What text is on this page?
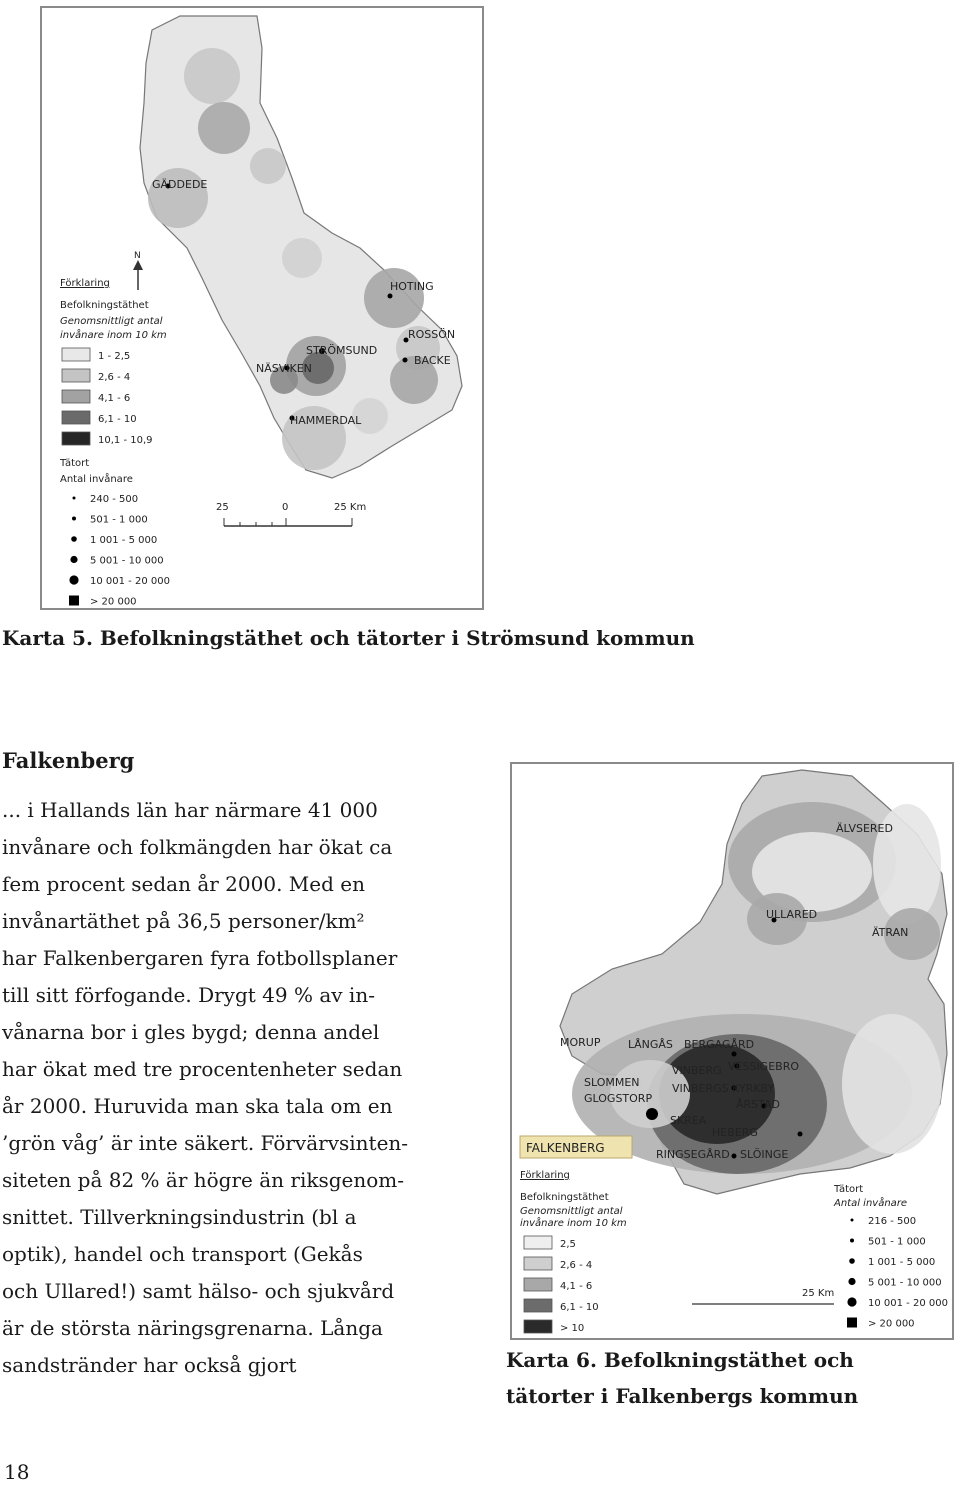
GÄDDEDE
HOTING
ROSSÖN
STRÖMSUND
BACKE
NÄSVIKEN
HAMMERDAL
N
Förklaring
Befolkningstäthet
Genomsnittligt antal
invånare inom 10 km
1 - 2,5
2,6 - 4
4,1 - 6
6,1 - 10
10,1 - 10,9
Tätort
Antal invånare
240 - 500
501 - 1 000
1 001 - 5 000
5 001 - 10 000
10 001 - 20 000
> 20 000
25	0	25 Km

Karta 5. Befolkningstäthet och tätorter i Strömsund kommun

Falkenberg

... i Hallands län har närmare 41 000
invånare och folkmängden har ökat ca
fem procent sedan år 2000. Med en
invånartäthet på 36,5 personer/km²
har Falkenbergaren fyra fotbollsplaner
till sitt förfogande. Drygt 49 % av in-
vånarna bor i gles bygd; denna andel
har ökat med tre procentenheter sedan
år 2000. Huruvida man ska tala om en
’grön våg’ är inte säkert. Förvärvsinten-
siteten på 82 % är högre än riksgenom-
snittet. Tillverkningsindustrin (bl a
optik), handel och transport (Gekås
och Ullared!) samt hälso- och sjukvård
är de största näringsgrenarna. Långa
sandstränder har också gjort

ÄLVSERED
ULLARED
ÄTRAN
MORUP	LÅNGÅS BERGAGÅRD
VESSIGEBRO
VINBERG
SLOMMEN	VINBERGS KYRKBY
ÅRSTAD
GLOGSTORP
SKREA
HEBERG
RINGSEGÅRD SLÖINGE
FALKENBERG
Förklaring
Befolkningstäthet
Genomsnittligt antal
invånare inom 10 km
2,5
2,6 - 4
4,1 - 6
6,1 - 10
> 10
Tätort
Antal invånare
216 - 500
501 - 1 000
1 001 - 5 000
5 001 - 10 000
10 001 - 20 000
> 20 000
25 Km

Karta 6. Befolkningstäthet och
tätorter i Falkenbergs kommun

18
